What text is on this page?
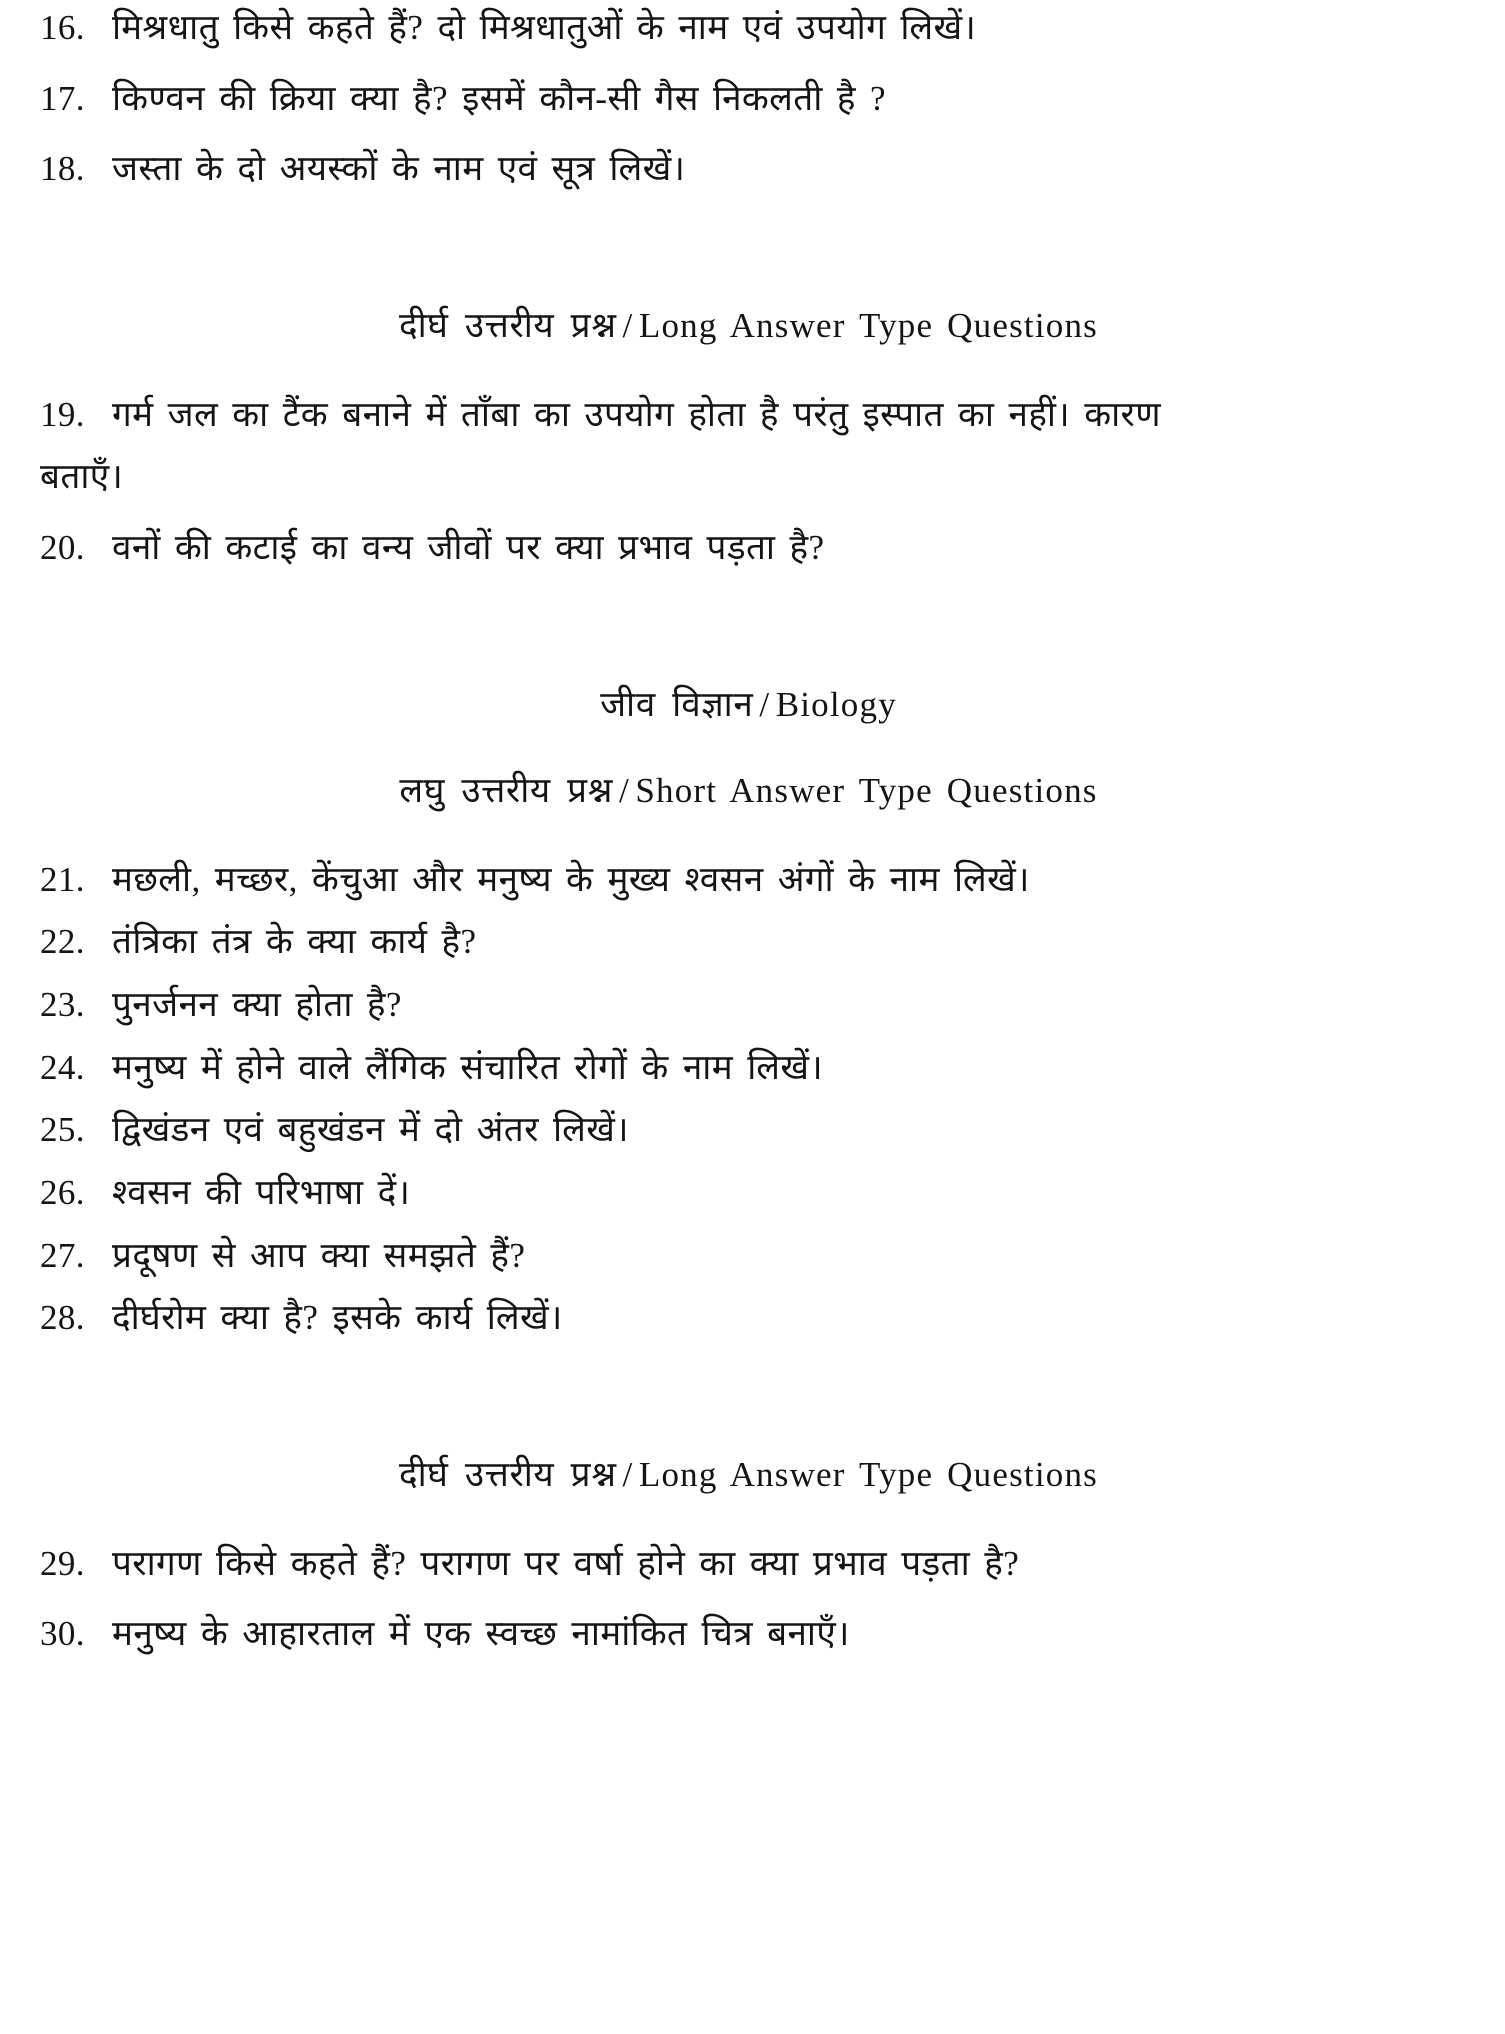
16. मिश्रधातु किसे कहते हैं? दो मिश्रधातुओं के नाम एवं उपयोग लिखें।
17. किण्वन की क्रिया क्या है? इसमें कौन-सी गैस निकलती है ?
18. जस्ता के दो अयस्कों के नाम एवं सूत्र लिखें।
दीर्घ उत्तरीय प्रश्न / Long Answer Type Questions
19. गर्म जल का टैंक बनाने में ताँबा का उपयोग होता है परंतु इस्पात का नहीं। कारण
बताएँ।
20. वनों की कटाई का वन्य जीवों पर क्या प्रभाव पड़ता है?
जीव विज्ञान / Biology
लघु उत्तरीय प्रश्न / Short Answer Type Questions
21. मछली, मच्छर, केंचुआ और मनुष्य के मुख्य श्वसन अंगों के नाम लिखें।
22. तंत्रिका तंत्र के क्या कार्य है?
23. पुनर्जनन क्या होता है?
24. मनुष्य में होने वाले लैंगिक संचारित रोगों के नाम लिखें।
25. द्विखंडन एवं बहुखंडन में दो अंतर लिखें।
26. श्वसन की परिभाषा दें।
27. प्रदूषण से आप क्या समझते हैं?
28. दीर्घरोम क्या है? इसके कार्य लिखें।
दीर्घ उत्तरीय प्रश्न / Long Answer Type Questions
29. परागण किसे कहते हैं? परागण पर वर्षा होने का क्या प्रभाव पड़ता है?
30. मनुष्य के आहारताल में एक स्वच्छ नामांकित चित्र बनाएँ।
